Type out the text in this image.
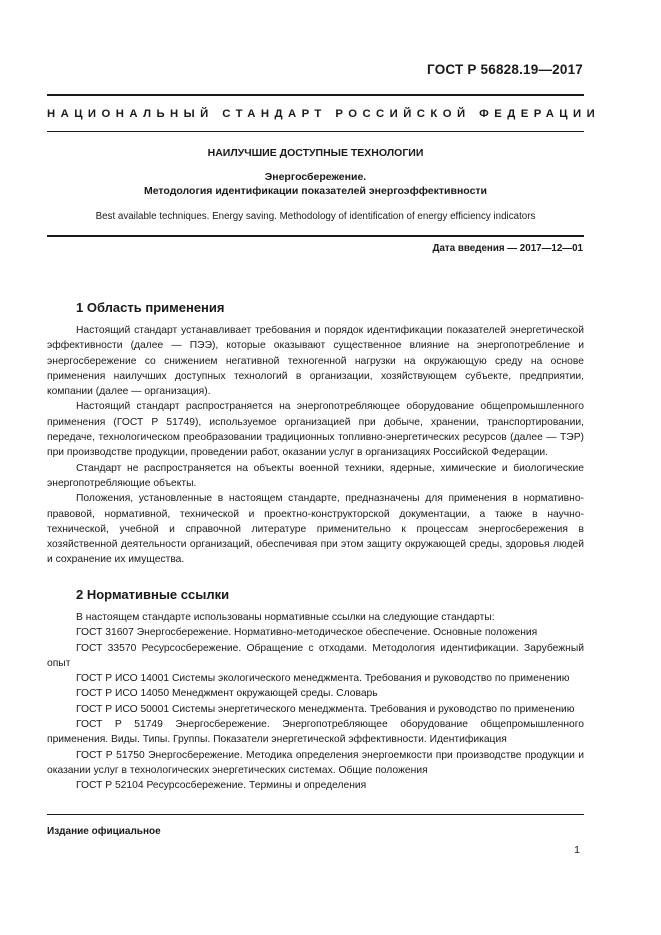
ГОСТ Р 56828.19—2017
НАЦИОНАЛЬНЫЙ СТАНДАРТ РОССИЙСКОЙ ФЕДЕРАЦИИ
НАИЛУЧШИЕ ДОСТУПНЫЕ ТЕХНОЛОГИИ
Энергосбережение.
Методология идентификации показателей энергоэффективности
Best available techniques. Energy saving. Methodology of identification of energy efficiency indicators
Дата введения — 2017—12—01
1 Область применения

Настоящий стандарт устанавливает требования и порядок идентификации показателей энергетической эффективности (далее — ПЭЭ), которые оказывают существенное влияние на энергопотребление и энергосбережение со снижением негативной техногенной нагрузки на окружающую среду на основе применения наилучших доступных технологий в организации, хозяйствующем субъекте, предприятии, компании (далее — организация).

Настоящий стандарт распространяется на энергопотребляющее оборудование общепромышленного применения (ГОСТ Р 51749), используемое организацией при добыче, хранении, транспортировании, передаче, технологическом преобразовании традиционных топливно-энергетических ресурсов (далее — ТЭР) при производстве продукции, проведении работ, оказании услуг в организациях Российской Федерации.

Стандарт не распространяется на объекты военной техники, ядерные, химические и биологические энергопотребляющие объекты.

Положения, установленные в настоящем стандарте, предназначены для применения в нормативно-правовой, нормативной, технической и проектно-конструкторской документации, а также в научно-технической, учебной и справочной литературе применительно к процессам энергосбережения в хозяйственной деятельности организаций, обеспечивая при этом защиту окружающей среды, здоровья людей и сохранение их имущества.

2 Нормативные ссылки

В настоящем стандарте использованы нормативные ссылки на следующие стандарты:

ГОСТ 31607 Энергосбережение. Нормативно-методическое обеспечение. Основные положения

ГОСТ 33570 Ресурсосбережение. Обращение с отходами. Методология идентификации. Зарубежный опыт

ГОСТ Р ИСО 14001 Системы экологического менеджмента. Требования и руководство по применению

ГОСТ Р ИСО 14050 Менеджмент окружающей среды. Словарь

ГОСТ Р ИСО 50001 Системы энергетического менеджмента. Требования и руководство по применению

ГОСТ Р 51749 Энергосбережение. Энергопотребляющее оборудование общепромышленного применения. Виды. Типы. Группы. Показатели энергетической эффективности. Идентификация

ГОСТ Р 51750 Энергосбережение. Методика определения энергоемкости при производстве продукции и оказании услуг в технологических энергетических системах. Общие положения

ГОСТ Р 52104 Ресурсосбережение. Термины и определения

Издание официальное
1
